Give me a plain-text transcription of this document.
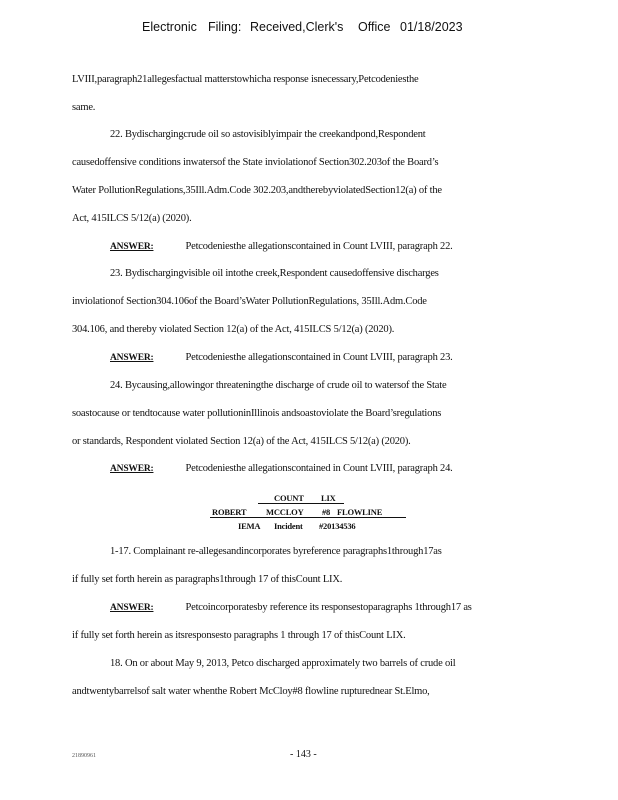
Electronic Filing: Received,Clerk's Office 01/18/2023
LVIII,paragraph21allegesfactual matterstowhicha response isnecessary,Petcodeniesthe
same.
22. Bydischargingcrude oil so astovisiblyimpair the creekandpond,Respondent
causedoffensive conditions inwatersof the State inviolationof Section302.203of the Board’s
Water PollutionRegulations,35Ill.Adm.Code 302.203,andtherebyviolatedSection12(a) of the
Act, 415ILCS 5/12(a) (2020).
ANSWER:	Petcodeniesthe allegationscontained in Count LVIII, paragraph 22.
23. Bydischargingvisible oil intothe creek,Respondent causedoffensive discharges
inviolationof Section304.106of the Board’sWater PollutionRegulations, 35Ill.Adm.Code
304.106, and thereby violated Section 12(a) of the Act, 415ILCS 5/12(a) (2020).
ANSWER:	Petcodeniesthe allegationscontained in Count LVIII, paragraph 23.
24. Bycausing,allowingor threateningthe discharge of crude oil to watersof the State
soastocause or tendtocause water pollutioninIllinois andsoastoviolate the Board’sregulations
or standards, Respondent violated Section 12(a) of the Act, 415ILCS 5/12(a) (2020).
ANSWER:	Petcodeniesthe allegationscontained in Count LVIII, paragraph 24.
COUNT LIX
ROBERT MCCLOY #8 FLOWLINE
IEMA Incident #20134536
1-17. Complainant re-allegesandincorporates byreference paragraphs1through17as
if fully set forth herein as paragraphs1through 17 of thisCount LIX.
ANSWER:	Petcoincorporatesby reference its responsestoparagraphs 1through17 as
if fully set forth herein as itsresponsesto paragraphs 1 through 17 of thisCount LIX.
18. On or about May 9, 2013, Petco discharged approximately two barrels of crude oil
andtwentybarrelsof salt water whenthe Robert McCloy#8 flowline rupturednear St.Elmo,
21890961	- 143 -
